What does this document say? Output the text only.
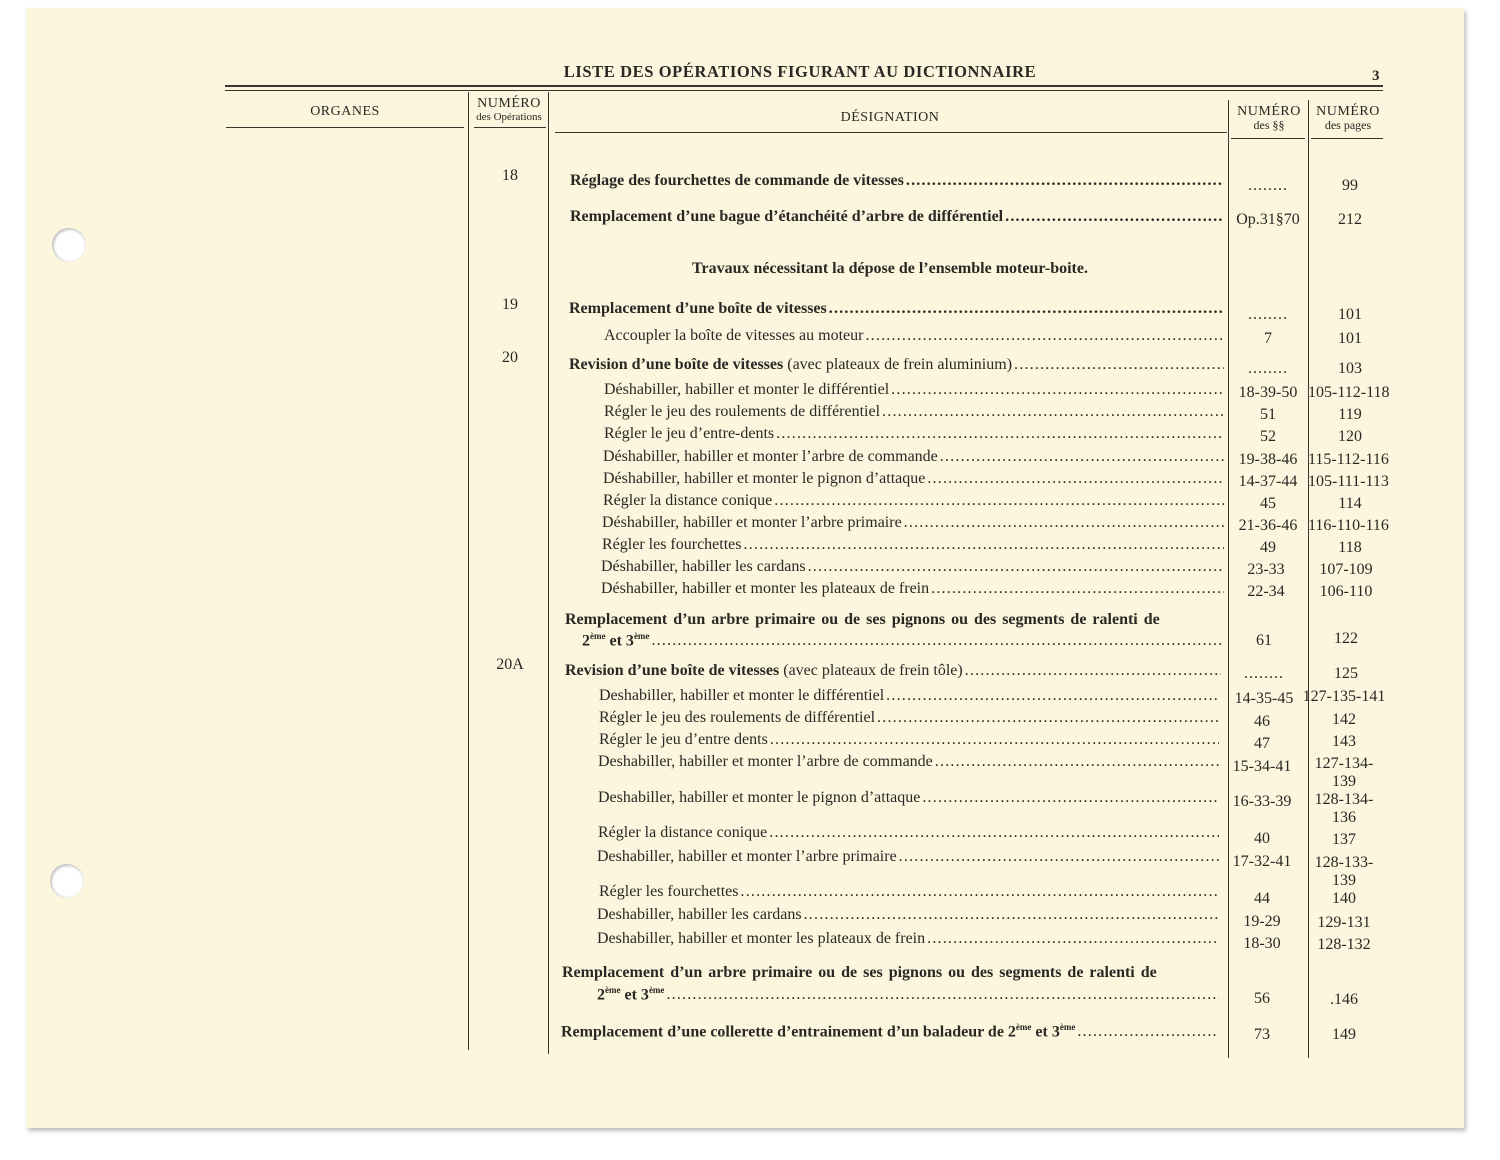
LISTE DES OPÉRATIONS FIGURANT AU DICTIONNAIRE	3
ORGANES
NUMÉRO
des Opérations	DÉSIGNATION	NUMÉRO
des §§
NUMÉRO
des pages
18
19
20
20A
Travaux nécessitant la dépose de l’ensemble moteur-boite.
Réglage des fourchettes de commande de vitesses ..... ........	99
Remplacement d’une bague d’étanchéité d’arbre de différentiel .....	Op.31§70	212
Remplacement d’une boîte de vitesses ..... ........	101
Accoupler la boîte de vitesses au moteur .....	7	101
Revision d’une boîte de vitesses (avec plateaux de frein aluminium) ..... ........	103
Déshabiller, habiller et monter le différentiel .....	18-39-50 105-112-118
Régler le jeu des roulements de différentiel .....	51	119
Régler le jeu d’entre-dents .....	52	120
Déshabiller, habiller et monter l’arbre de commande .....	19-38-46 115-112-116
Déshabiller, habiller et monter le pignon d’attaque .....	14-37-44 105-111-113
Régler la distance conique .....	45	114
Déshabiller, habiller et monter l’arbre primaire .....	21-36-46 116-110-116
Régler les fourchettes .....	49	118
Déshabiller, habiller les cardans .....	23-33	107-109
Déshabiller, habiller et monter les plateaux de frein .....	22-34	106-110
Remplacement d’un arbre primaire ou de ses pignons ou des segments de ralenti de
2ème et 3ème .....	61	122
Revision d’une boîte de vitesses (avec plateaux de frein tôle) ..... ........	125
Deshabiller, habiller et monter le différentiel .....	14-35-45 127-135-141
Régler le jeu des roulements de différentiel .....	46	142
Régler le jeu d’entre dents .....	47	143
Deshabiller, habiller et monter l’arbre de commande .....	15-34-41	127-134-
139
Deshabiller, habiller et monter le pignon d’attaque .....	16-33-39	128-134-
136
Régler la distance conique .....	40	137
Deshabiller, habiller et monter l’arbre primaire .....	17-32-41	128-133-
139
Régler les fourchettes .....	44	140
Deshabiller, habiller les cardans .....	19-29	129-131
Deshabiller, habiller et monter les plateaux de frein .....	18-30	128-132
Remplacement d’un arbre primaire ou de ses pignons ou des segments de ralenti de
2ème et 3ème .....	56	.146
Remplacement d’une collerette d’entrainement d’un baladeur de 2ème et 3ème .....	73	149
